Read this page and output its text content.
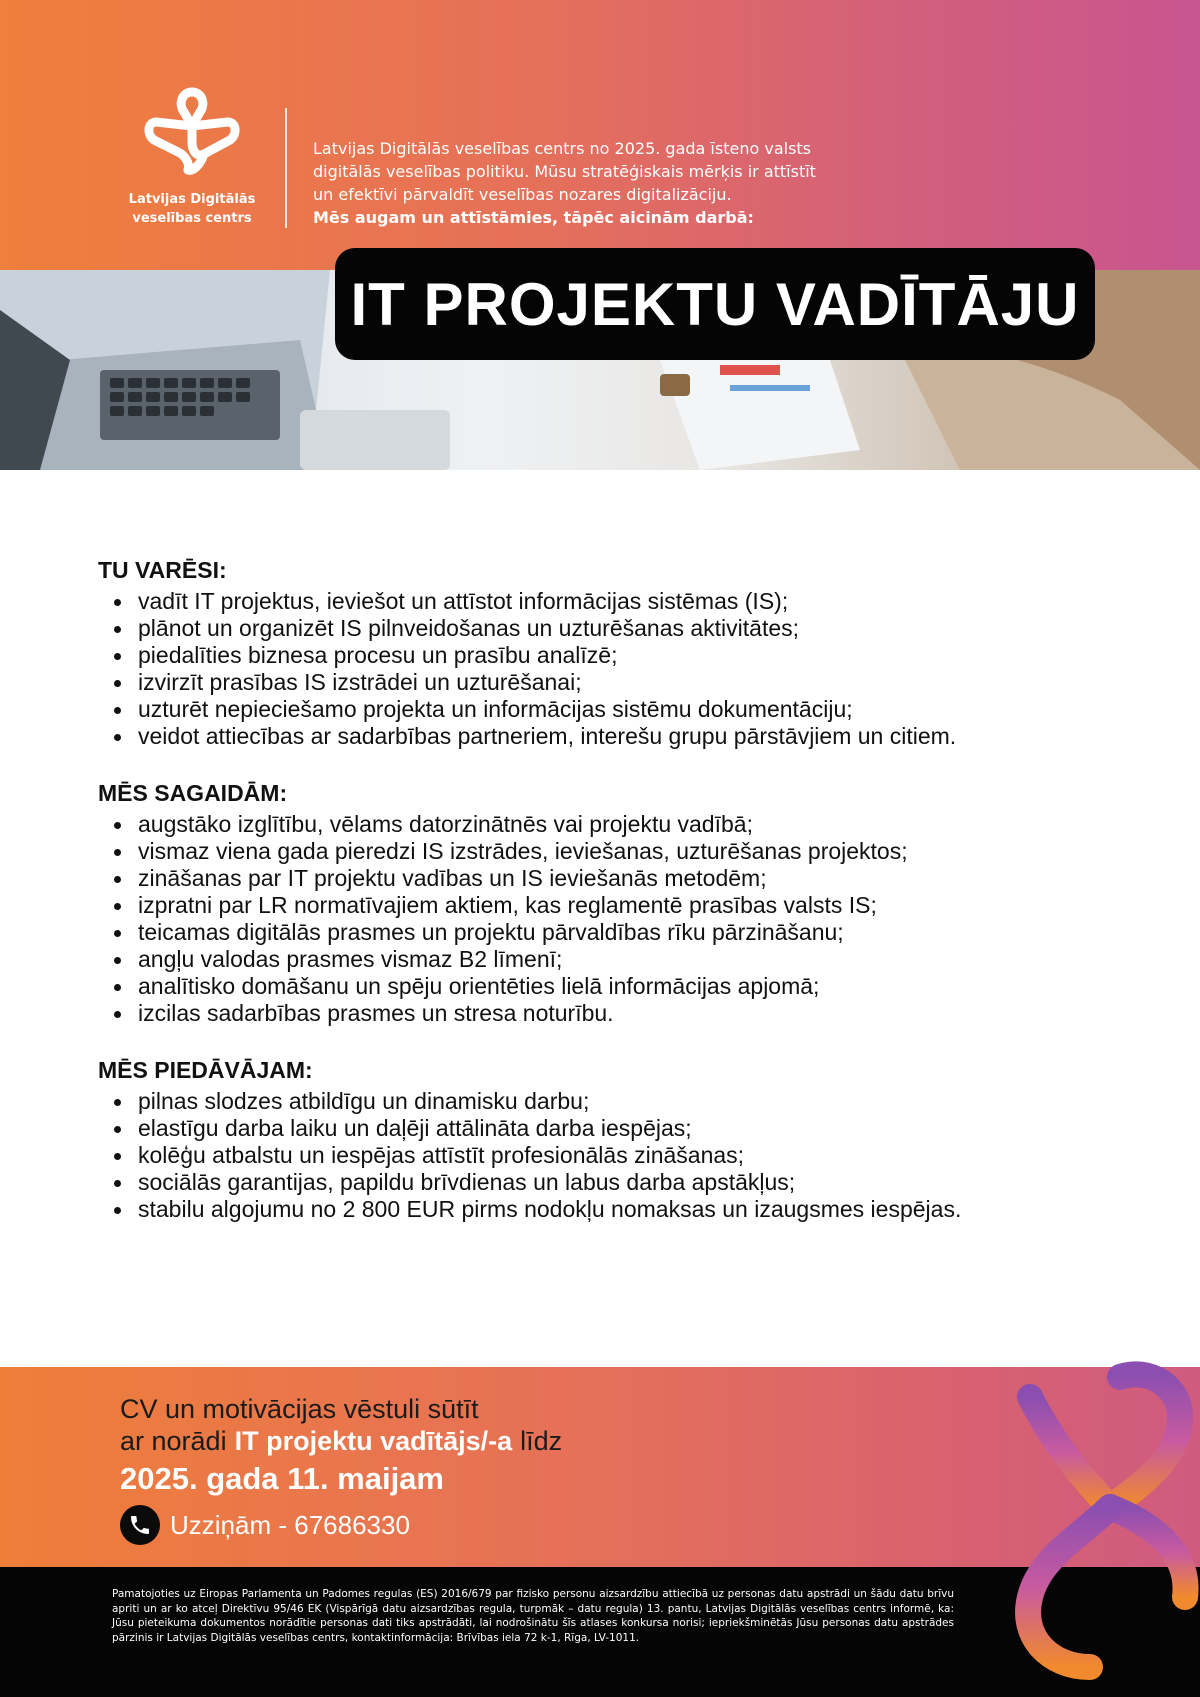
Latvijas Digitālās
veselības centrs
Latvijas Digitālās veselības centrs no 2025. gada īsteno valsts
digitālās veselības politiku. Mūsu stratēģiskais mērķis ir attīstīt
un efektīvi pārvaldīt veselības nozares digitalizāciju.
Mēs augam un attīstāmies, tāpēc aicinām darbā:
IT PROJEKTU VADĪTĀJU
TU VARĒSI:
vadīt IT projektus, ieviešot un attīstot informācijas sistēmas (IS);
plānot un organizēt IS pilnveidošanas un uzturēšanas aktivitātes;
piedalīties biznesa procesu un prasību analīzē;
izvirzīt prasības IS izstrādei un uzturēšanai;
uzturēt nepieciešamo projekta un informācijas sistēmu dokumentāciju;
veidot attiecības ar sadarbības partneriem, interešu grupu pārstāvjiem un citiem.
MĒS SAGAIDĀM:
augstāko izglītību, vēlams datorzinātnēs vai projektu vadībā;
vismaz viena gada pieredzi IS izstrādes, ieviešanas, uzturēšanas projektos;
zināšanas par IT projektu vadības un IS ieviešanās metodēm;
izpratni par LR normatīvajiem aktiem, kas reglamentē prasības valsts IS;
teicamas digitālās prasmes un projektu pārvaldības rīku pārzināšanu;
angļu valodas prasmes vismaz B2 līmenī;
analītisko domāšanu un spēju orientēties lielā informācijas apjomā;
izcilas sadarbības prasmes un stresa noturību.
MĒS PIEDĀVĀJAM:
pilnas slodzes atbildīgu un dinamisku darbu;
elastīgu darba laiku un daļēji attālināta darba iespējas;
kolēģu atbalstu un iespējas attīstīt profesionālās zināšanas;
sociālās garantijas, papildu brīvdienas un labus darba apstākļus;
stabilu algojumu no 2 800 EUR pirms nodokļu nomaksas un izaugsmes iespējas.
CV un motivācijas vēstuli sūtīt
ar norādi IT projektu vadītājs/-a līdz
2025. gada 11. maijam
Uzziņām - 67686330

Pamatojoties uz Eiropas Parlamenta un Padomes regulas (ES) 2016/679 par fizisko personu aizsardzību attiecībā uz personas datu apstrādi un šādu datu brīvu apriti un ar ko atceļ Direktīvu 95/46 EK (Vispārīgā datu aizsardzības regula, turpmāk – datu regula) 13. pantu, Latvijas Digitālās veselības centrs informē, ka: Jūsu pieteikuma dokumentos norādītie personas dati tiks apstrādāti, lai nodrošinātu šīs atlases konkursa norisi; iepriekšminētās Jūsu personas datu apstrādes pārzinis ir Latvijas Digitālās veselības centrs, kontaktinformācija: Brīvības iela 72 k-1, Rīga, LV-1011.
